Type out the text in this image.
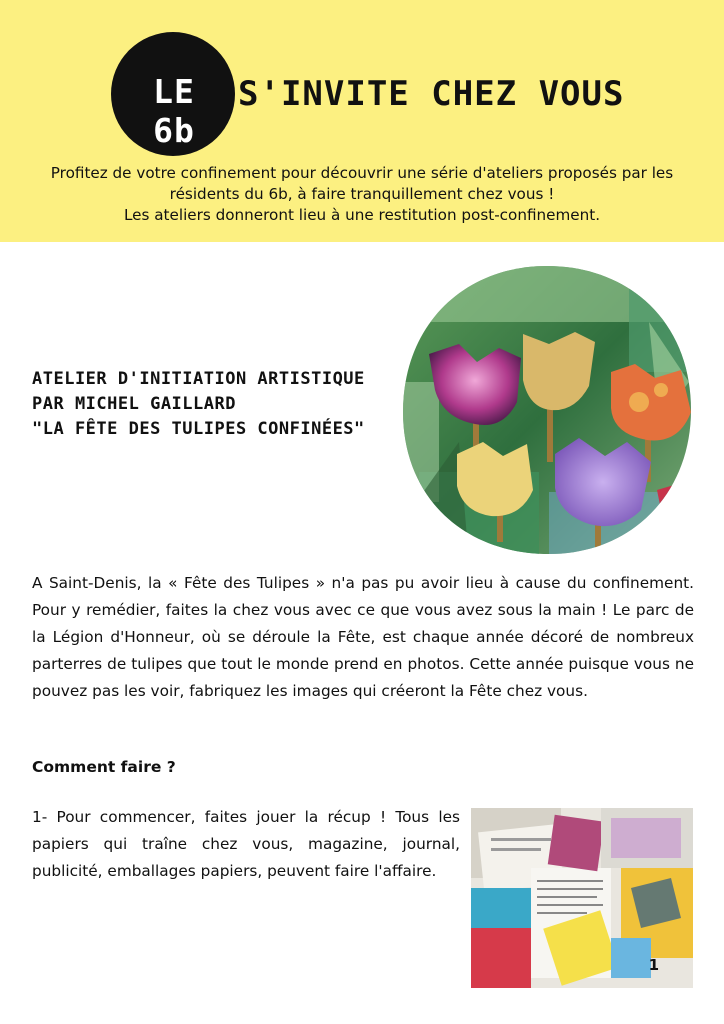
LE 6b
S'INVITE CHEZ VOUS
Profitez de votre confinement pour découvrir une série d'ateliers proposés par les
résidents du 6b, à faire tranquillement chez vous !
Les ateliers donneront lieu à une restitution post-confinement.
ATELIER D'INITIATION ARTISTIQUE
PAR MICHEL GAILLARD
"LA FÊTE DES TULIPES CONFINÉES"
A Saint-Denis, la « Fête des Tulipes » n'a pas pu avoir lieu à cause du confinement. Pour y remédier, faites la chez vous avec ce que vous avez sous la main ! Le parc de la Légion d'Honneur, où se déroule la Fête, est chaque année décoré de nombreux parterres de tulipes que tout le monde prend en photos. Cette année puisque vous ne pouvez pas les voir, fabriquez les images qui créeront la Fête chez vous.
Comment faire ?
1- Pour commencer, faites jouer la récup ! Tous les papiers qui traîne chez vous, magazine, journal, publicité, emballages papiers, peuvent faire l'affaire.
1
